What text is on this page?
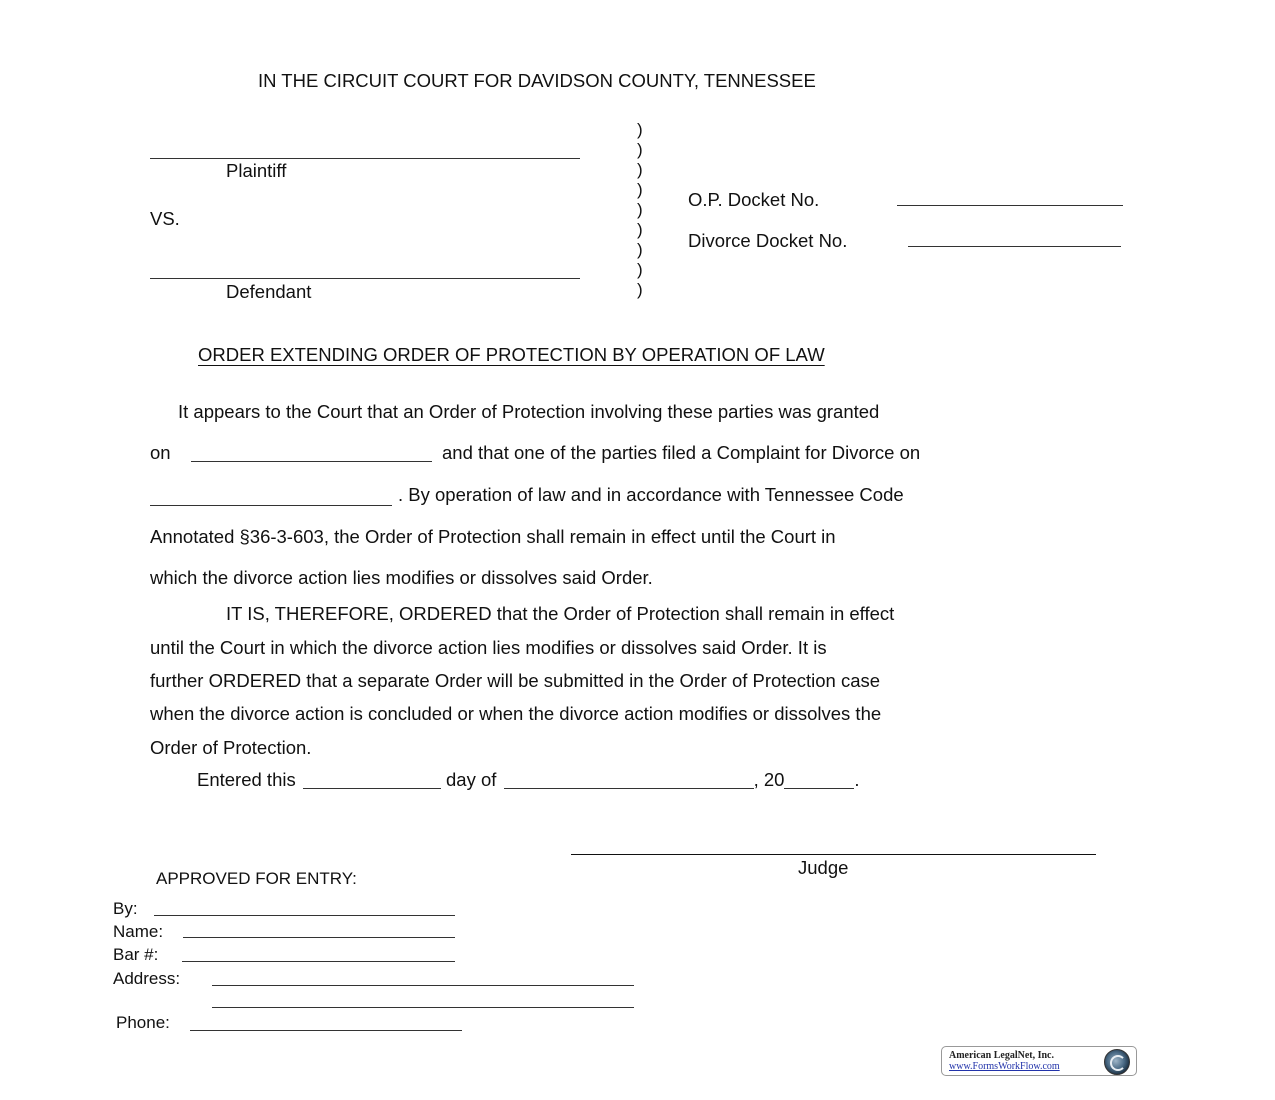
IN THE CIRCUIT COURT FOR DAVIDSON COUNTY, TENNESSEE
Plaintiff
VS.
Defendant
)
)
)
)
)
)
)
)
)
O.P. Docket No.
Divorce Docket No.
ORDER EXTENDING ORDER OF PROTECTION BY OPERATION OF LAW
It appears to the Court that an Order of Protection involving these parties was granted
on	and that one of the parties filed a Complaint for Divorce on
. By operation of law and in accordance with Tennessee Code
Annotated §36-3-603, the Order of Protection shall remain in effect until the Court in
which the divorce action lies modifies or dissolves said Order.
IT IS, THEREFORE, ORDERED that the Order of Protection shall remain in effect
until the Court in which the divorce action lies modifies or dissolves said Order. It is
further ORDERED that a separate Order will be submitted in the Order of Protection case
when the divorce action is concluded or when the divorce action modifies or dissolves the
Order of Protection.
Entered this	day of	, 20	.
Judge
APPROVED FOR ENTRY:
By:
Name:
Bar #:
Address:
Phone:
American LegalNet, Inc.
www.FormsWorkFlow.com
